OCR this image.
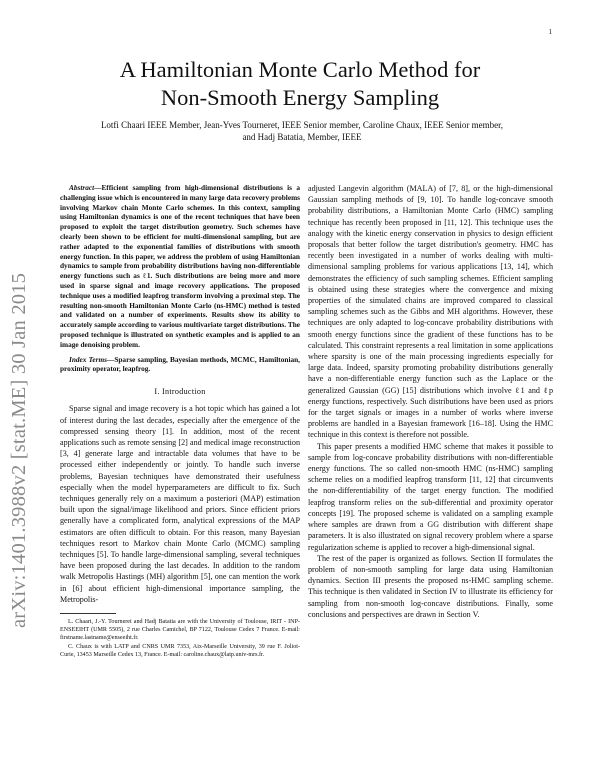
1
arXiv:1401.3988v2 [stat.ME] 30 Jan 2015
A Hamiltonian Monte Carlo Method for
Non-Smooth Energy Sampling
Lotfi Chaari IEEE Member, Jean-Yves Tourneret, IEEE Senior member, Caroline Chaux, IEEE Senior member,
and Hadj Batatia, Member, IEEE

Abstract—Efficient sampling from high-dimensional distributions is a challenging issue which is encountered in many large data recovery problems involving Markov chain Monte Carlo schemes. In this context, sampling using Hamiltonian dynamics is one of the recent techniques that have been proposed to exploit the target distribution geometry. Such schemes have clearly been shown to be efficient for multi-dimensional sampling, but are rather adapted to the exponential families of distributions with smooth energy function. In this paper, we address the problem of using Hamiltonian dynamics to sample from probability distributions having non-differentiable energy functions such as ℓ1. Such distributions are being more and more used in sparse signal and image recovery applications. The proposed technique uses a modified leapfrog transform involving a proximal step. The resulting non-smooth Hamiltonian Monte Carlo (ns-HMC) method is tested and validated on a number of experiments. Results show its ability to accurately sample according to various multivariate target distributions. The proposed technique is illustrated on synthetic examples and is applied to an image denoising problem.

Index Terms—Sparse sampling, Bayesian methods, MCMC, Hamiltonian, proximity operator, leapfrog.

I. Introduction

Sparse signal and image recovery is a hot topic which has gained a lot of interest during the last decades, especially after the emergence of the compressed sensing theory [1]. In addition, most of the recent applications such as remote sensing [2] and medical image reconstruction [3, 4] generate large and intractable data volumes that have to be processed either independently or jointly. To handle such inverse problems, Bayesian techniques have demonstrated their usefulness especially when the model hyperparameters are difficult to fix. Such techniques generally rely on a maximum a posteriori (MAP) estimation built upon the signal/image likelihood and priors. Since efficient priors generally have a complicated form, analytical expressions of the MAP estimators are often difficult to obtain. For this reason, many Bayesian techniques resort to Markov chain Monte Carlo (MCMC) sampling techniques [5]. To handle large-dimensional sampling, several techniques have been proposed during the last decades. In addition to the random walk Metropolis Hastings (MH) algorithm [5], one can mention the work in [6] about efficient high-dimensional importance sampling, the Metropolis-

L. Chaari, J.-Y. Tourneret and Hadj Batatia are with the University of Toulouse, IRIT - INP-ENSEEIHT (UMR 5505), 2 rue Charles Camichel, BP 7122, Toulouse Cedex 7 France. E-mail: firstname.lastname@enseeiht.fr.

C. Chaux is with LATP and CNRS UMR 7353, Aix-Marseille University, 39 rue F. Joliot-Curie, 13453 Marseille Cedex 13, France. E-mail: caroline.chaux@latp.univ-mrs.fr.

adjusted Langevin algorithm (MALA) of [7, 8], or the high-dimensional Gaussian sampling methods of [9, 10]. To handle log-concave smooth probability distributions, a Hamiltonian Monte Carlo (HMC) sampling technique has recently been proposed in [11, 12]. This technique uses the analogy with the kinetic energy conservation in physics to design efficient proposals that better follow the target distribution's geometry. HMC has recently been investigated in a number of works dealing with multi-dimensional sampling problems for various applications [13, 14], which demonstrates the efficiency of such sampling schemes. Efficient sampling is obtained using these strategies where the convergence and mixing properties of the simulated chains are improved compared to classical sampling schemes such as the Gibbs and MH algorithms. However, these techniques are only adapted to log-concave probability distributions with smooth energy functions since the gradient of these functions has to be calculated. This constraint represents a real limitation in some applications where sparsity is one of the main processing ingredients especially for large data. Indeed, sparsity promoting probability distributions generally have a non-differentiable energy function such as the Laplace or the generalized Gaussian (GG) [15] distributions which involve ℓ1 and ℓp energy functions, respectively. Such distributions have been used as priors for the target signals or images in a number of works where inverse problems are handled in a Bayesian framework [16–18]. Using the HMC technique in this context is therefore not possible.

This paper presents a modified HMC scheme that makes it possible to sample from log-concave probability distributions with non-differentiable energy functions. The so called non-smooth HMC (ns-HMC) sampling scheme relies on a modified leapfrog transform [11, 12] that circumvents the non-differentiability of the target energy function. The modified leapfrog transform relies on the sub-differential and proximity operator concepts [19]. The proposed scheme is validated on a sampling example where samples are drawn from a GG distribution with different shape parameters. It is also illustrated on signal recovery problem where a sparse regularization scheme is applied to recover a high-dimensional signal.

The rest of the paper is organized as follows. Section II formulates the problem of non-smooth sampling for large data using Hamiltonian dynamics. Section III presents the proposed ns-HMC sampling scheme. This technique is then validated in Section IV to illustrate its efficiency for sampling from non-smooth log-concave distributions. Finally, some conclusions and perspectives are drawn in Section V.
